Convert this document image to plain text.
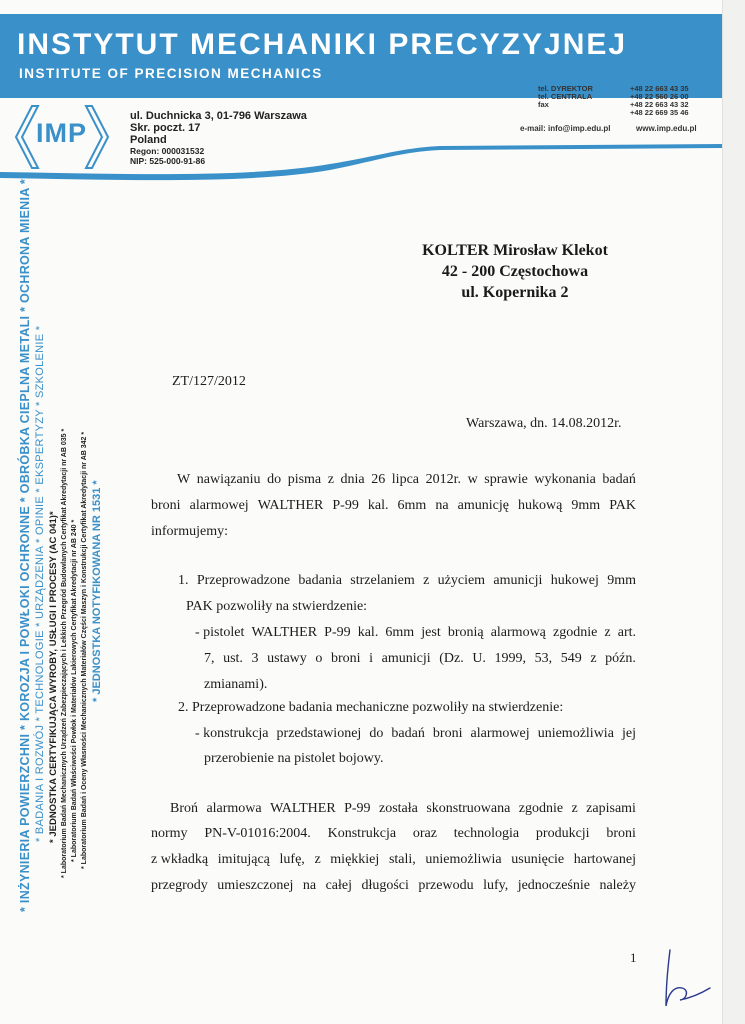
INSTYTUT MECHANIKI PRECYZYJNEJ
INSTITUTE OF PRECISION MECHANICS
IMP
ul. Duchnicka 3, 01-796 Warszawa
Skr. poczt. 17
Poland
Regon: 000031532
NIP: 525-000-91-86
tel. DYREKTOR	+48 22 663 43 35
tel. CENTRALA	+48 22 560 26 00
fax	+48 22 663 43 32
+48 22 669 35 46
e-mail: info@imp.edu.pl	www.imp.edu.pl
* INŻYNIERIA POWIERZCHNI * KOROZJA I POWŁOKI OCHRONNE * OBRÓBKA CIEPLNA METALI * OCHRONA MIENIA * * BADANIA I ROZWÓJ * TECHNOLOGIE * URZĄDZENIA * OPINIE * EKSPERTYZY * SZKOLENIE * * JEDNOSTKA CERTYFIKUJĄCA WYROBY, USŁUGI I PROCESY (AC 041)* * Laboratorium Badań Mechanicznych Urządzeń Zabezpieczających i Lekkich Przegród Budowlanych Certyfikat Akredytacji nr AB 035 * * Laboratorium Badań Właściwości Powłok i Materiałów Lakierowych Certyfikat Akredytacji nr AB 240 * * Laboratorium Badań i Oceny Własności Mechanicznych Materiałów Części Maszyn i Konstrukcji Certyfikat Akredytacji nr AB 342 * * JEDNOSTKA NOTYFIKOWANA NR 1531 *
KOLTER Mirosław Klekot
42 - 200 Częstochowa
ul. Kopernika 2
ZT/127/2012
Warszawa, dn. 14.08.2012r.
W nawiązaniu do pisma z dnia 26 lipca 2012r. w sprawie wykonania badań
broni alarmowej WALTHER P-99 kal. 6mm na amunicję hukową 9mm PAK
informujemy:
1. Przeprowadzone badania strzelaniem z użyciem amunicji hukowej 9mm
PAK pozwoliły na stwierdzenie:
- pistolet WALTHER P-99 kal. 6mm jest bronią alarmową zgodnie z art.
7, ust. 3 ustawy o broni i amunicji (Dz. U. 1999, 53, 549 z późn.
zmianami).
2. Przeprowadzone badania mechaniczne pozwoliły na stwierdzenie:
- konstrukcja przedstawionej do badań broni alarmowej uniemożliwia jej
przerobienie na pistolet bojowy.
Broń alarmowa WALTHER P-99 została skonstruowana zgodnie z zapisami
normy PN-V-01016:2004. Konstrukcja oraz technologia produkcji broni
z wkładką imitującą lufę, z miękkiej stali, uniemożliwia usunięcie hartowanej
przegrody umieszczonej na całej długości przewodu lufy, jednocześnie należy
1
